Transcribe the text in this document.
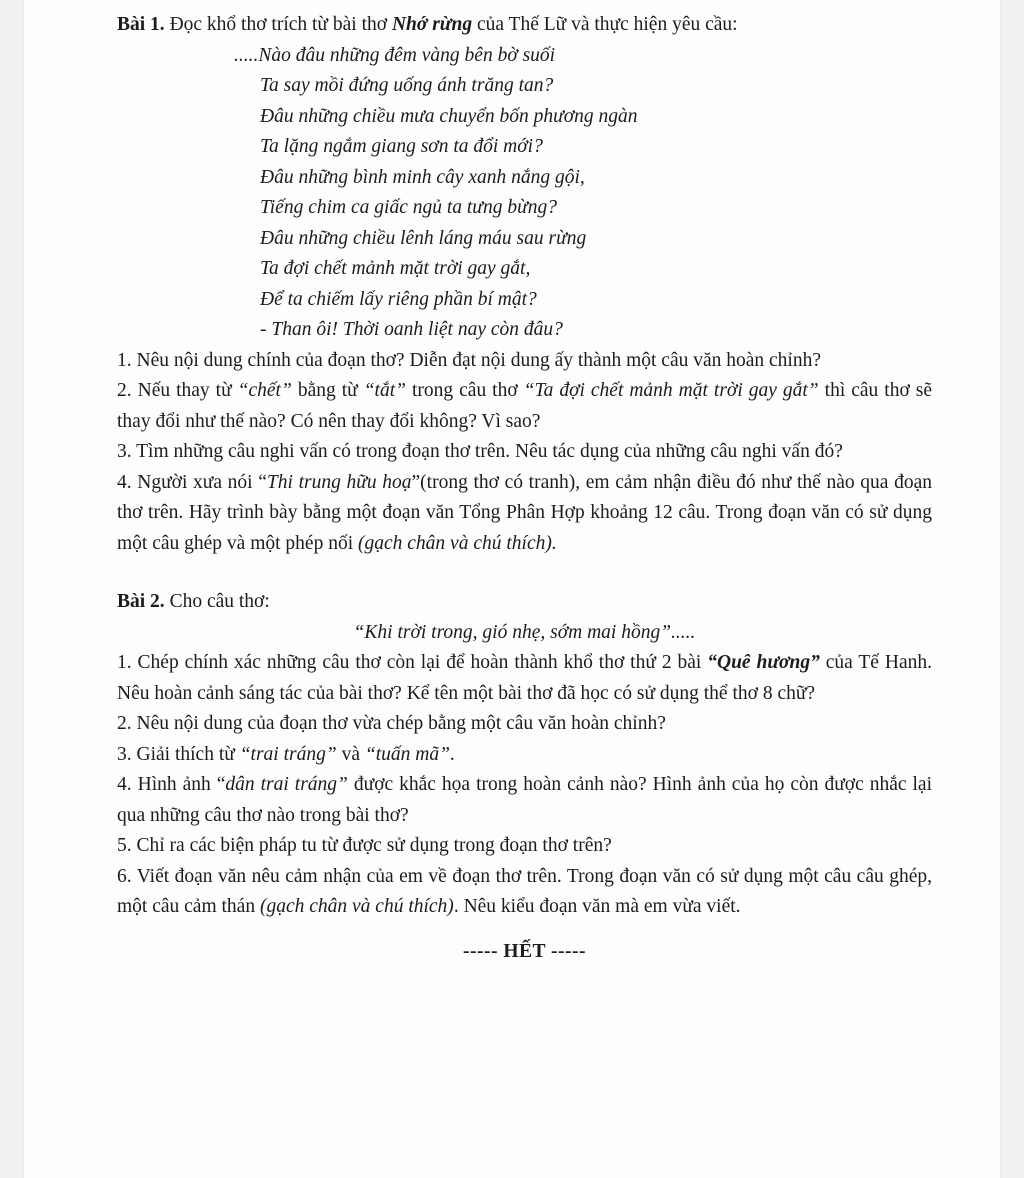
Bài 1. Đọc khổ thơ trích từ bài thơ Nhớ rừng của Thế Lữ và thực hiện yêu cầu:

.....Nào đâu những đêm vàng bên bờ suối

Ta say mồi đứng uống ánh trăng tan?

Đâu những chiều mưa chuyển bốn phương ngàn

Ta lặng ngắm giang sơn ta đổi mới?

Đâu những bình minh cây xanh nắng gội,

Tiếng chim ca giấc ngủ ta tưng bừng?

Đâu những chiều lênh láng máu sau rừng

Ta đợi chết mảnh mặt trời gay gắt,

Để ta chiếm lấy riêng phần bí mật?

- Than ôi! Thời oanh liệt nay còn đâu?

1. Nêu nội dung chính của đoạn thơ? Diễn đạt nội dung ấy thành một câu văn hoàn chỉnh?

2. Nếu thay từ “chết” bằng từ “tắt” trong câu thơ “Ta đợi chết mảnh mặt trời gay gắt” thì câu thơ sẽ thay đổi như thế nào? Có nên thay đổi không? Vì sao?

3. Tìm những câu nghi vấn có trong đoạn thơ trên. Nêu tác dụng của những câu nghi vấn đó?

4. Người xưa nói “Thi trung hữu hoạ”(trong thơ có tranh), em cảm nhận điều đó như thế nào qua đoạn thơ trên. Hãy trình bày bằng một đoạn văn Tổng Phân Hợp khoảng 12 câu. Trong đoạn văn có sử dụng một câu ghép và một phép nối (gạch chân và chú thích).

Bài 2. Cho câu thơ:

“Khi trời trong, gió nhẹ, sớm mai hồng”.....

1. Chép chính xác những câu thơ còn lại để hoàn thành khổ thơ thứ 2 bài “Quê hương” của Tế Hanh. Nêu hoàn cảnh sáng tác của bài thơ? Kể tên một bài thơ đã học có sử dụng thể thơ 8 chữ?

2. Nêu nội dung của đoạn thơ vừa chép bằng một câu văn hoàn chỉnh?

3. Giải thích từ “trai tráng” và “tuấn mã”.

4. Hình ảnh “dân trai tráng” được khắc họa trong hoàn cảnh nào? Hình ảnh của họ còn được nhắc lại qua những câu thơ nào trong bài thơ?

5. Chỉ ra các biện pháp tu từ được sử dụng trong đoạn thơ trên?

6. Viết đoạn văn nêu cảm nhận của em về đoạn thơ trên. Trong đoạn văn có sử dụng một câu câu ghép, một câu cảm thán (gạch chân và chú thích). Nêu kiểu đoạn văn mà em vừa viết.

----- HẾT -----
